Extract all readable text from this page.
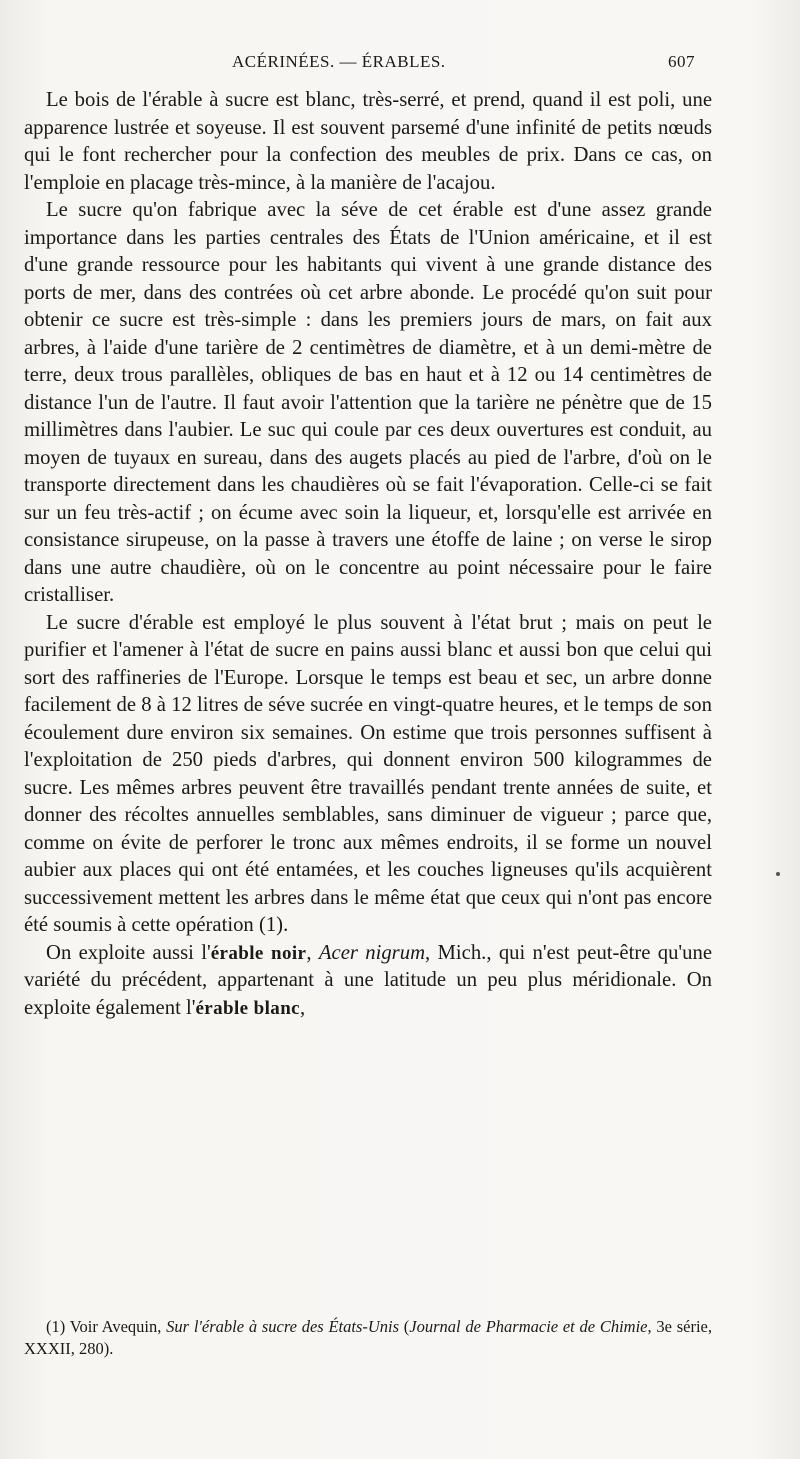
ACÉRINÉES. — ÉRABLES.	607

Le bois de l'érable à sucre est blanc, très-serré, et prend, quand il est poli, une apparence lustrée et soyeuse. Il est souvent parsemé d'une infinité de petits nœuds qui le font rechercher pour la confection des meubles de prix. Dans ce cas, on l'emploie en placage très-mince, à la manière de l'acajou.

Le sucre qu'on fabrique avec la séve de cet érable est d'une assez grande importance dans les parties centrales des États de l'Union américaine, et il est d'une grande ressource pour les habitants qui vivent à une grande distance des ports de mer, dans des contrées où cet arbre abonde. Le procédé qu'on suit pour obtenir ce sucre est très-simple : dans les premiers jours de mars, on fait aux arbres, à l'aide d'une tarière de 2 centimètres de diamètre, et à un demi-mètre de terre, deux trous parallèles, obliques de bas en haut et à 12 ou 14 centimètres de distance l'un de l'autre. Il faut avoir l'attention que la tarière ne pénètre que de 15 millimètres dans l'aubier. Le suc qui coule par ces deux ouvertures est conduit, au moyen de tuyaux en sureau, dans des augets placés au pied de l'arbre, d'où on le transporte directement dans les chaudières où se fait l'évaporation. Celle-ci se fait sur un feu très-actif ; on écume avec soin la liqueur, et, lorsqu'elle est arrivée en consistance sirupeuse, on la passe à travers une étoffe de laine ; on verse le sirop dans une autre chaudière, où on le concentre au point nécessaire pour le faire cristalliser.

Le sucre d'érable est employé le plus souvent à l'état brut ; mais on peut le purifier et l'amener à l'état de sucre en pains aussi blanc et aussi bon que celui qui sort des raffineries de l'Europe. Lorsque le temps est beau et sec, un arbre donne facilement de 8 à 12 litres de séve sucrée en vingt-quatre heures, et le temps de son écoulement dure environ six semaines. On estime que trois personnes suffisent à l'exploitation de 250 pieds d'arbres, qui donnent environ 500 kilogrammes de sucre. Les mêmes arbres peuvent être travaillés pendant trente années de suite, et donner des récoltes annuelles semblables, sans diminuer de vigueur ; parce que, comme on évite de perforer le tronc aux mêmes endroits, il se forme un nouvel aubier aux places qui ont été entamées, et les couches ligneuses qu'ils acquièrent successivement mettent les arbres dans le même état que ceux qui n'ont pas encore été soumis à cette opération (1).

On exploite aussi l'érable noir, Acer nigrum, Mich., qui n'est peut-être qu'une variété du précédent, appartenant à une latitude un peu plus méridionale. On exploite également l'érable blanc,

(1) Voir Avequin, Sur l'érable à sucre des États-Unis (Journal de Pharmacie et de Chimie, 3e série, XXXII, 280).
